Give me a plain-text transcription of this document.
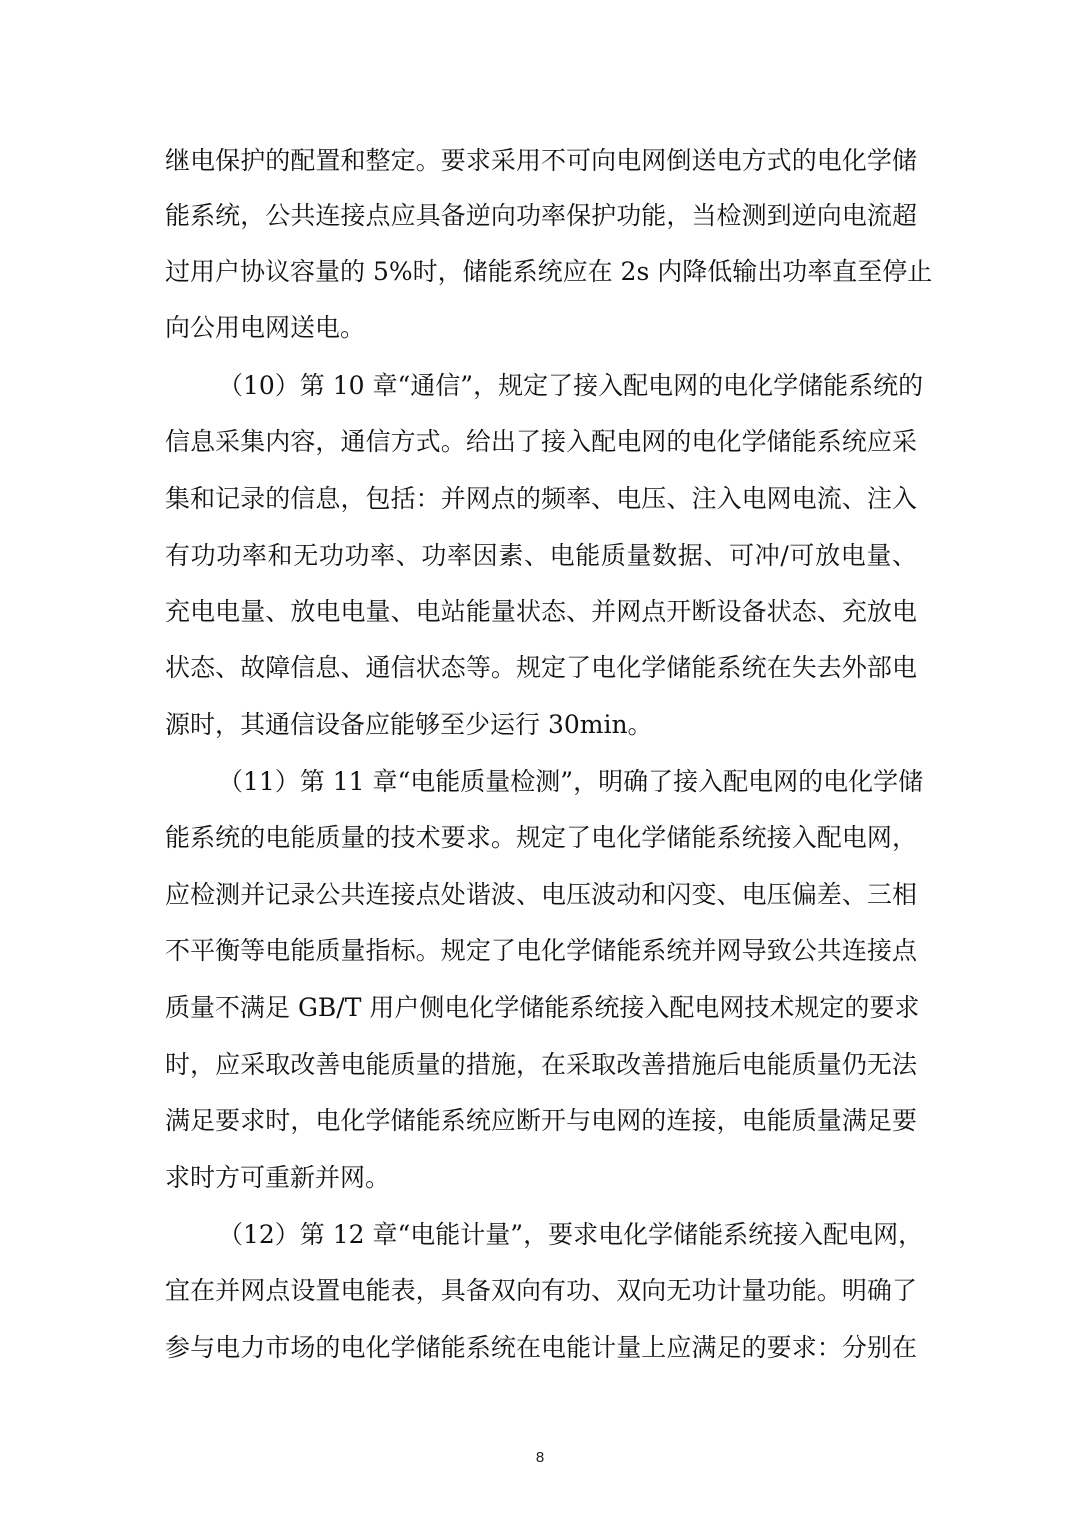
继电保护的配置和整定。要求采用不可向电网倒送电方式的电化学储
能系统，公共连接点应具备逆向功率保护功能，当检测到逆向电流超
过用户协议容量的 5%时，储能系统应在 2s 内降低输出功率直至停止
向公用电网送电。
（10）第 10 章“通信”，规定了接入配电网的电化学储能系统的
信息采集内容，通信方式。给出了接入配电网的电化学储能系统应采
集和记录的信息，包括：并网点的频率、电压、注入电网电流、注入
有功功率和无功功率、功率因素、电能质量数据、可冲/可放电量、
充电电量、放电电量、电站能量状态、并网点开断设备状态、充放电
状态、故障信息、通信状态等。规定了电化学储能系统在失去外部电
源时，其通信设备应能够至少运行 30min。
（11）第 11 章“电能质量检测”，明确了接入配电网的电化学储
能系统的电能质量的技术要求。规定了电化学储能系统接入配电网，
应检测并记录公共连接点处谐波、电压波动和闪变、电压偏差、三相
不平衡等电能质量指标。规定了电化学储能系统并网导致公共连接点
质量不满足 GB/T 用户侧电化学储能系统接入配电网技术规定的要求
时，应采取改善电能质量的措施，在采取改善措施后电能质量仍无法
满足要求时，电化学储能系统应断开与电网的连接，电能质量满足要
求时方可重新并网。
（12）第 12 章“电能计量”，要求电化学储能系统接入配电网，
宜在并网点设置电能表，具备双向有功、双向无功计量功能。明确了
参与电力市场的电化学储能系统在电能计量上应满足的要求：分别在
8
